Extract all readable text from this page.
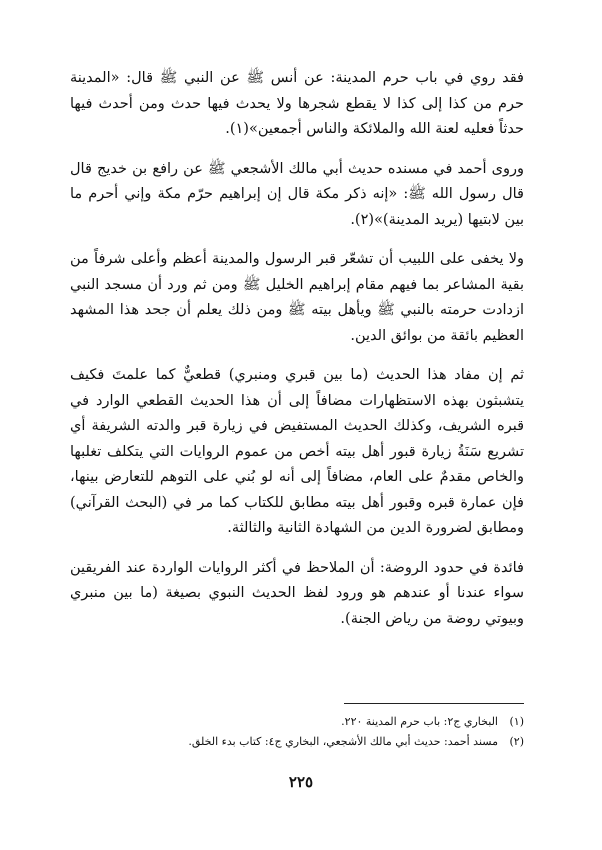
فقد روي في باب حرم المدينة: عن أنس ﷺ عن النبي ﷺ قال: «المدينة حرم من كذا إلى كذا لا يقطع شجرها ولا يحدث فيها حدث ومن أحدث فيها حدثاً فعليه لعنة الله والملائكة والناس أجمعين»(١).

وروى أحمد في مسنده حديث أبي مالك الأشجعي ﷺ عن رافع بن خديج قال قال رسول الله ﷺ: «إنه ذكر مكة قال إن إبراهيم حرّم مكة وإني أحرم ما بين لابتيها (يريد المدينة)»(٢).

ولا يخفى على اللبيب أن تشعّر قبر الرسول والمدينة أعظم وأعلى شرفاً من بقية المشاعر بما فيهم مقام إبراهيم الخليل ﷺ ومن ثم ورد أن مسجد النبي ازدادت حرمته بالنبي ﷺ ويأهل بيته ﷺ ومن ذلك يعلم أن جحد هذا المشهد العظيم بائقة من بوائق الدين.

ثم إن مفاد هذا الحديث (ما بين قبري ومنبري) قطعيٌّ كما علمتَ فكيف يتشبثون بهذه الاستظهارات مضافاً إلى أن هذا الحديث القطعي الوارد في قبره الشريف، وكذلك الحديث المستفيض في زيارة قبر والدته الشريفة أي تشريع سَنَةُ زيارة قبور أهل بيته أخص من عموم الروايات التي يتكلف تغلبها والخاص مقدمٌ على العام، مضافاً إلى أنه لو بُني على التوهم للتعارض بينها، فإن عمارة قبره وقبور أهل بيته مطابق للكتاب كما مر في (البحث القرآني) ومطابق لضرورة الدين من الشهادة الثانية والثالثة.

فائدة في حدود الروضة: أن الملاحظ في أكثر الروايات الواردة عند الفريقين سواء عندنا أو عندهم هو ورود لفظ الحديث النبوي بصيغة (ما بين منبري وبيوتي روضة من رياض الجنة).

(١) البخاري ج٢: باب حرم المدينة ٢٢٠.

(٢) مسند أحمد: حديث أبي مالك الأشجعي، البخاري ج٤: كتاب بدء الخلق.

٢٢٥
